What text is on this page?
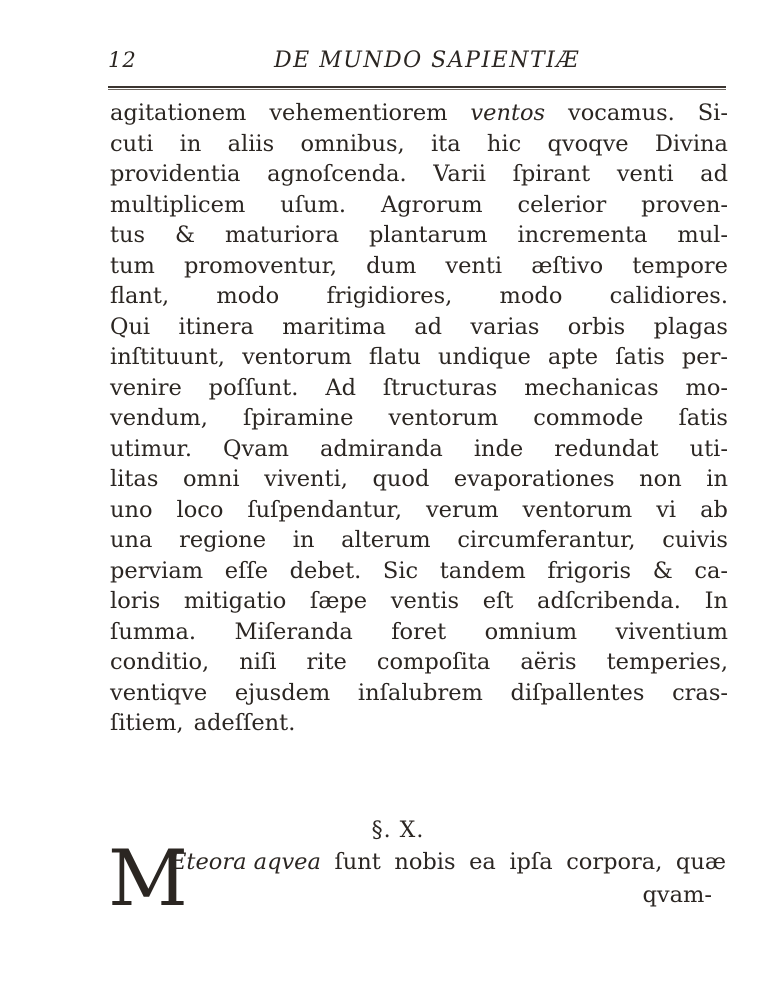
12	DE MUNDO SAPIENTIÆ
agitationem vehementiorem ventos vocamus. Si-
cuti in aliis omnibus, ita hic qvoqve Divina
providentia agnoſcenda. Varii ſpirant venti ad
multiplicem uſum. Agrorum celerior proven-
tus & maturiora plantarum incrementa mul-
tum promoventur, dum venti æſtivo tempore
flant, modo frigidiores, modo calidiores.
Qui itinera maritima ad varias orbis plagas
inſtituunt, ventorum flatu undique apte ſatis per-
venire poſſunt. Ad ſtructuras mechanicas mo-
vendum, ſpiramine ventorum commode ſatis
utimur. Qvam admiranda inde redundat uti-
litas omni viventi, quod evaporationes non in
uno loco ſuſpendantur, verum ventorum vi ab
una regione in alterum circumferantur, cuivis
perviam eſſe debet. Sic tandem frigoris & ca-
loris mitigatio ſæpe ventis eſt adſcribenda. In
ſumma. Miſeranda foret omnium viventium
conditio, niſi rite compoſita aëris temperies,
ventiqve ejusdem inſalubrem diſpallentes cras-
ſitiem, adeſſent.
§. X.
M
Eteora aqvea ſunt nobis ea ipſa corpora, quæ
qvam-
